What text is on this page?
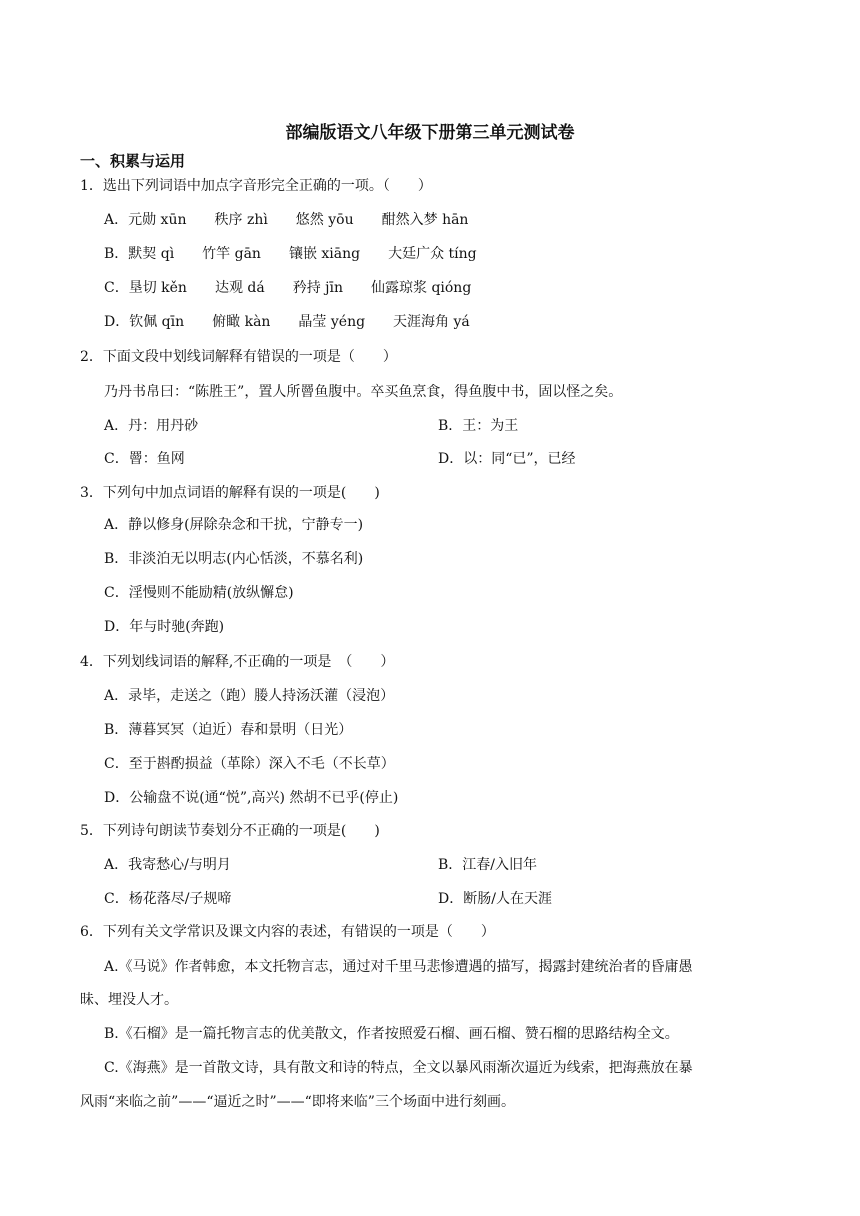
部编版语文八年级下册第三单元测试卷
一、积累与运用
1．选出下列词语中加点字音形完全正确的一项。（　　）
A．元勋 xūn　　秩序 zhì　　悠然 yōu　　酣然入梦 hān
B．默契 qì　　竹竿 gān　　镶嵌 xiāng　　大廷广众 tíng
C．垦切 kěn　　达观 dá　　矜持 jīn　　仙露琼浆 qióng
D．钦佩 qīn　　俯瞰 kàn　　晶莹 yéng　　天涯海角 yá
2．下面文段中划线词解释有错误的一项是（　　）
乃丹书帛曰：“陈胜王”，置人所罾鱼腹中。卒买鱼烹食，得鱼腹中书，固以怪之矣。
A．丹：用丹砂	B．王：为王
C．罾：鱼网	D．以：同“已”，已经
3．下列句中加点词语的解释有误的一项是(　　)
A．静以修身(屏除杂念和干扰，宁静专一)
B．非淡泊无以明志(内心恬淡，不慕名利)
C．淫慢则不能励精(放纵懈怠)
D．年与时驰(奔跑)
4．下列划线词语的解释,不正确的一项是　（　　）
A．录毕，走送之（跑）媵人持汤沃灌（浸泡）
B．薄暮冥冥（迫近）春和景明（日光）
C．至于斟酌损益（革除）深入不毛（不长草）
D．公输盘不说(通“悦”,高兴) 然胡不已乎(停止)
5．下列诗句朗读节奏划分不正确的一项是(　　)
A．我寄愁心/与明月	B．江春/入旧年
C．杨花落尽/子规啼	D．断肠/人在天涯
6．下列有关文学常识及课文内容的表述，有错误的一项是（　　）
A.《马说》作者韩愈，本文托物言志，通过对千里马悲惨遭遇的描写，揭露封建统治者的昏庸愚
昧、埋没人才。
B.《石榴》是一篇托物言志的优美散文，作者按照爱石榴、画石榴、赞石榴的思路结构全文。
C.《海燕》是一首散文诗，具有散文和诗的特点，全文以暴风雨渐次逼近为线索，把海燕放在暴
风雨“来临之前”——“逼近之时”——“即将来临”三个场面中进行刻画。
